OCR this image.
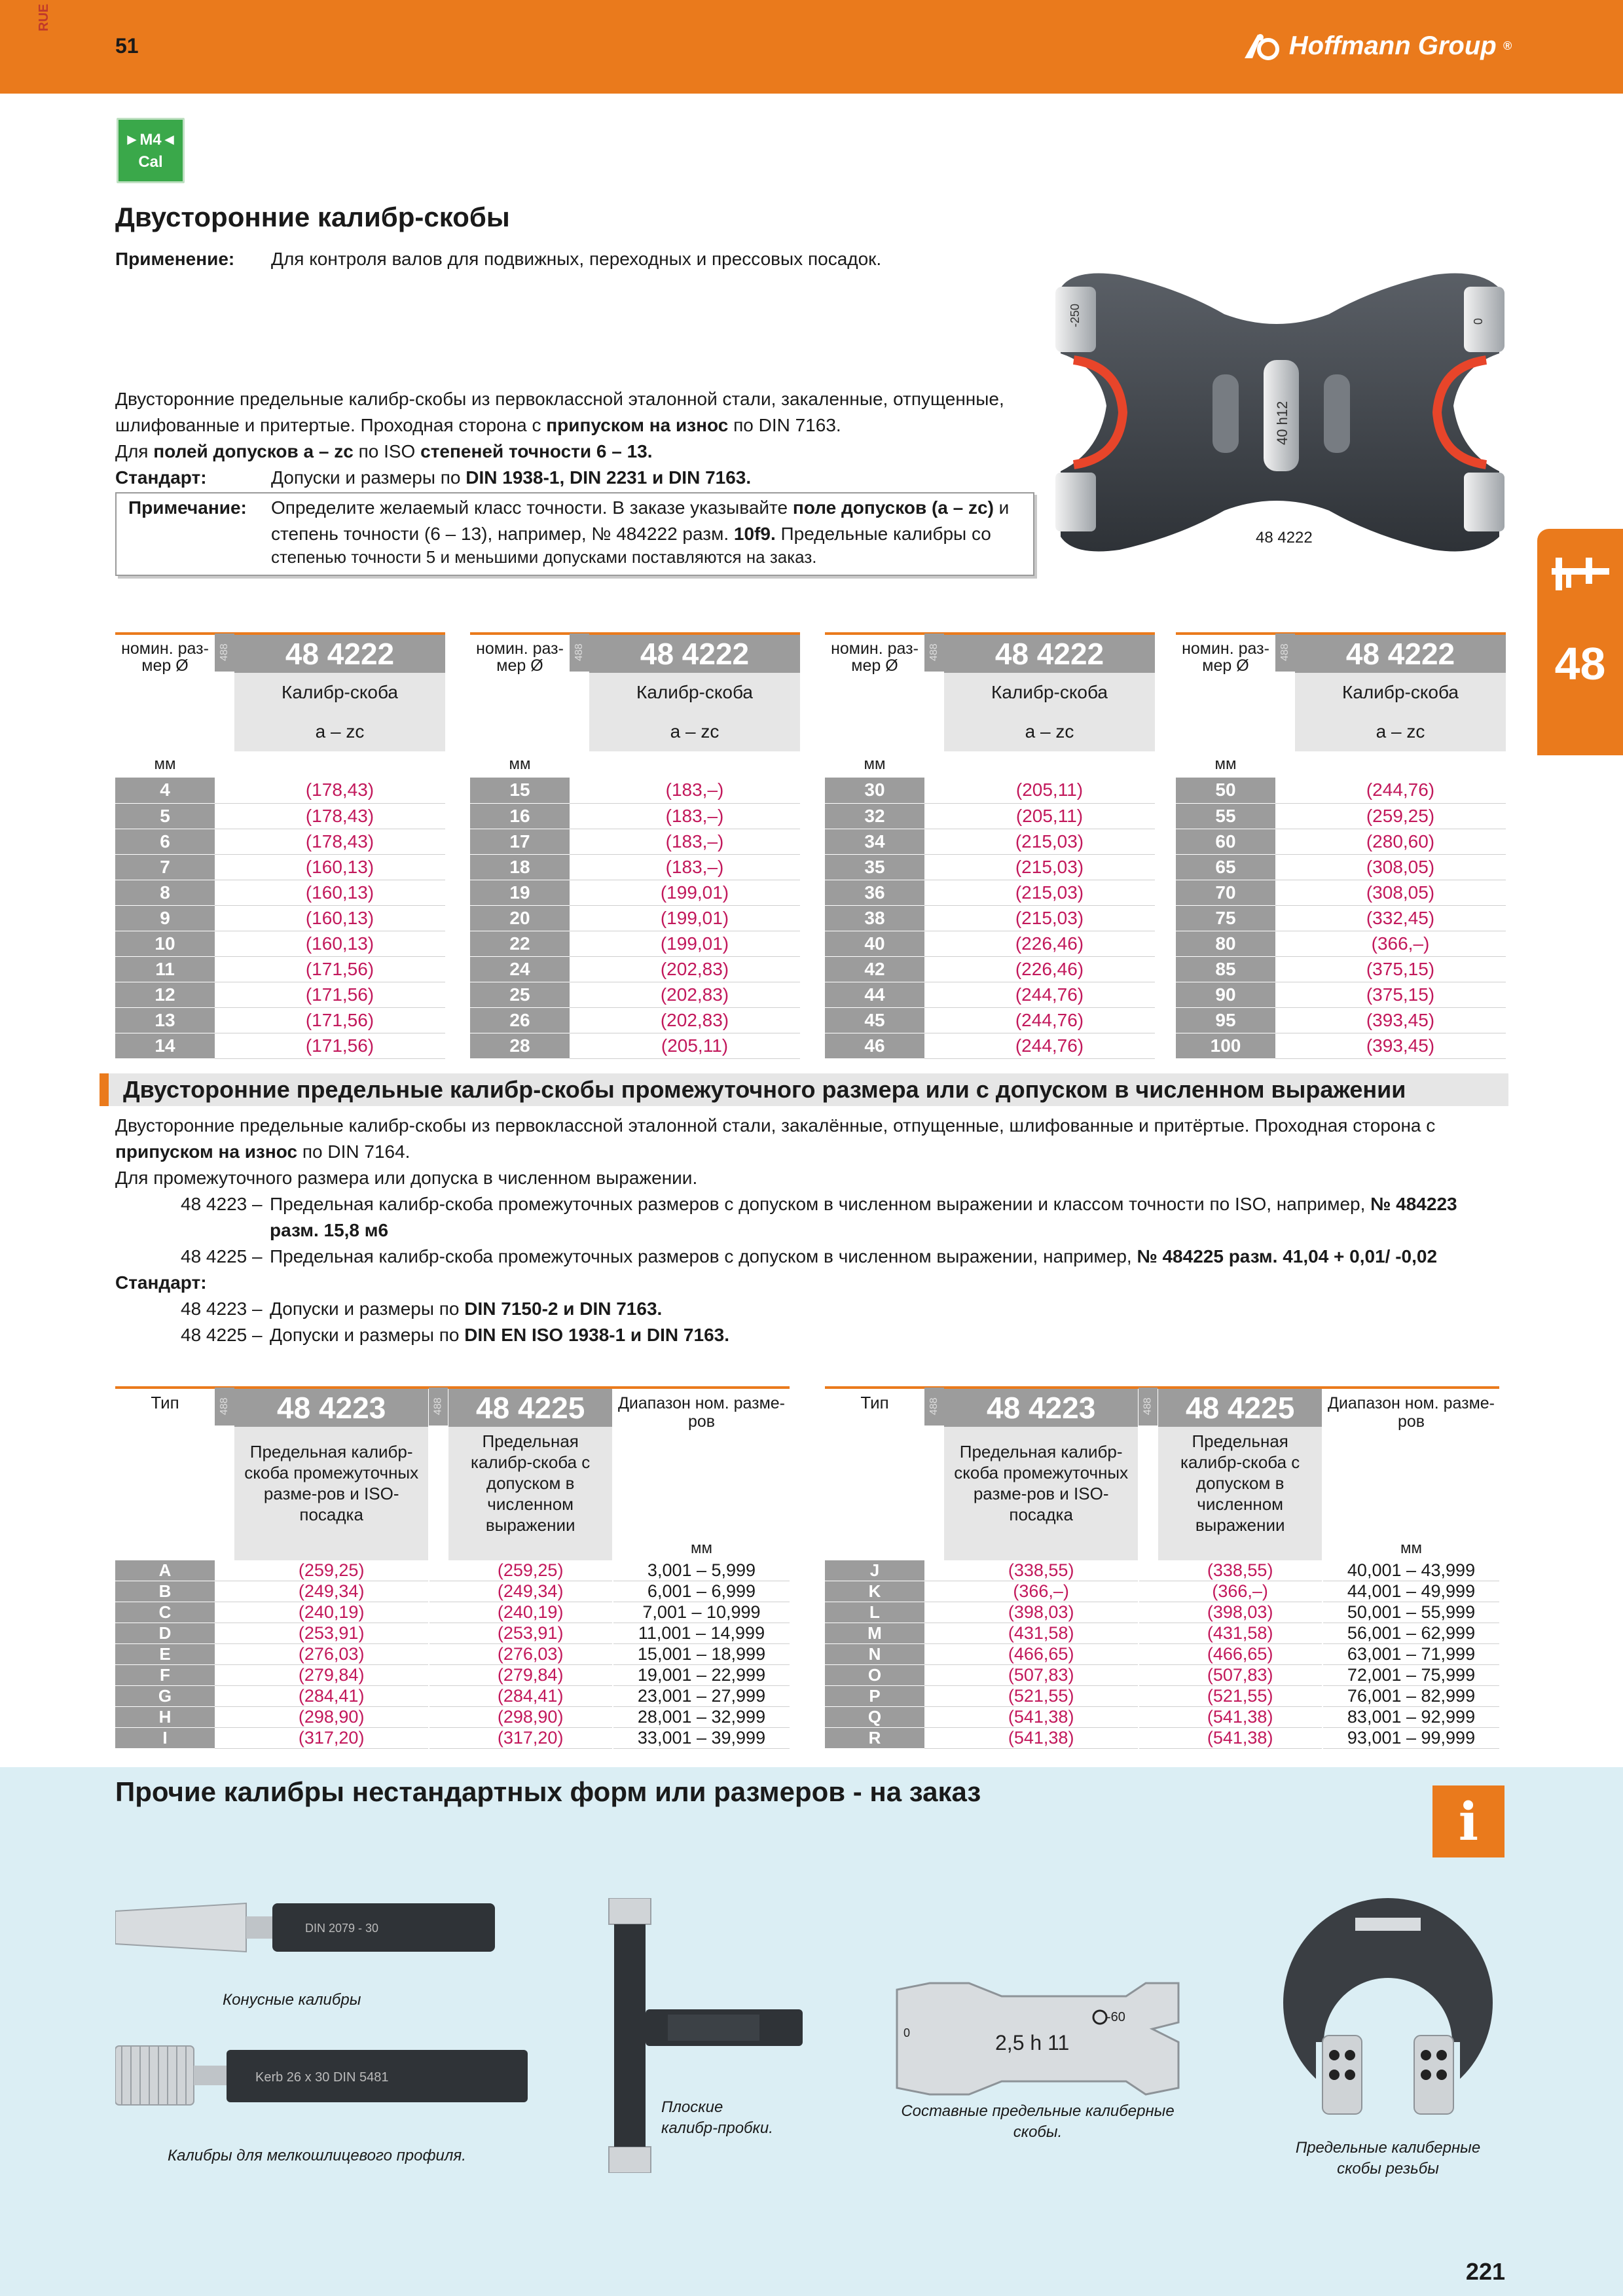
RUE
51	Hoffmann Group ®
►M4◄
Cal
Двусторонние калибр-скобы
Применение: Для контроля валов для подвижных, переходных и прессовых посадок.
Двусторонние предельные калибр-скобы из первоклассной эталонной стали, закаленные, отпущенные,
шлифованные и притертые. Проходная сторона с припуском на износ по DIN 7163.
Для полей допусков a – zc по ISO степеней точности 6 – 13.
Стандарт:	Допуски и размеры по DIN 1938-1, DIN 2231 и DIN 7163.
Примечание: Определите желаемый класс точности. В заказе указывайте поле допусков (a – zc) и
степень точности (6 – 13), например, № 484222 разм. 10f9. Предельные калибры со
степенью точности 5 и меньшими допусками поставляются на заказ.
-250
40 h12
0
48 4222
48
номин. раз-мер Ø	488	48 4222
		Калибр-скоба
		a – zc
мм		
4		(178,43)
5		(178,43)
6		(178,43)
7		(160,13)
8		(160,13)
9		(160,13)
10		(160,13)
11		(171,56)
12		(171,56)
13		(171,56)
14		(171,56)
номин. раз-мер Ø	488	48 4222
		Калибр-скоба
		a – zc
мм		
15		(183,–)
16		(183,–)
17		(183,–)
18		(183,–)
19		(199,01)
20		(199,01)
22		(199,01)
24		(202,83)
25		(202,83)
26		(202,83)
28		(205,11)
номин. раз-мер Ø	488	48 4222
		Калибр-скоба
		a – zc
мм		
30		(205,11)
32		(205,11)
34		(215,03)
35		(215,03)
36		(215,03)
38		(215,03)
40		(226,46)
42		(226,46)
44		(244,76)
45		(244,76)
46		(244,76)
номин. раз-мер Ø	488	48 4222
		Калибр-скоба
		a – zc
мм		
50		(244,76)
55		(259,25)
60		(280,60)
65		(308,05)
70		(308,05)
75		(332,45)
80		(366,–)
85		(375,15)
90		(375,15)
95		(393,45)
100		(393,45)
Двусторонние предельные калибр-скобы промежуточного размера или с допуском в численном выражении
Двусторонние предельные калибр-скобы из первоклассной эталонной стали, закалённые, отпущенные, шлифованные и притёртые. Проходная сторона с
припуском на износ по DIN 7164.
Для промежуточного размера или допуска в численном выражении.
48 4223 – Предельная калибр-скоба промежуточных размеров с допуском в численном выражении и классом точности по ISO, например, № 484223
разм. 15,8 м6
48 4225 – Предельная калибр-скоба промежуточных размеров с допуском в численном выражении, например, № 484225 разм. 41,04 + 0,01/ -0,02
Стандарт:
48 4223 – Допуски и размеры по DIN 7150-2 и DIN 7163.
48 4225 – Допуски и размеры по DIN EN ISO 1938-1 и DIN 7163.
Тип	488	48 4223	488	48 4225	Диапазон ном. разме-ров
		Предельная калибр-скоба промежуточных разме-ров и ISO-посадка		Предельная калибр-скоба с допуском в численном выражении	
					мм
A		(259,25)		(259,25)	3,001 – 5,999
B		(249,34)		(249,34)	6,001 – 6,999
C		(240,19)		(240,19)	7,001 – 10,999
D		(253,91)		(253,91)	11,001 – 14,999
E		(276,03)		(276,03)	15,001 – 18,999
F		(279,84)		(279,84)	19,001 – 22,999
G		(284,41)		(284,41)	23,001 – 27,999
H		(298,90)		(298,90)	28,001 – 32,999
I		(317,20)		(317,20)	33,001 – 39,999
Тип	488	48 4223	488	48 4225	Диапазон ном. разме-ров
		Предельная калибр-скоба промежуточных разме-ров и ISO-посадка		Предельная калибр-скоба с допуском в численном выражении	
					мм
J		(338,55)		(338,55)	40,001 – 43,999
K		(366,–)		(366,–)	44,001 – 49,999
L		(398,03)		(398,03)	50,001 – 55,999
M		(431,58)		(431,58)	56,001 – 62,999
N		(466,65)		(466,65)	63,001 – 71,999
O		(507,83)		(507,83)	72,001 – 75,999
P		(521,55)		(521,55)	76,001 – 82,999
Q		(541,38)		(541,38)	83,001 – 92,999
R		(541,38)		(541,38)	93,001 – 99,999
Прочие калибры нестандартных форм или размеров - на заказ	i
DIN 2079 - 30
Конусные калибры
Kerb 26 x 30 DIN 5481
Калибры для мелкошлицевого профиля.
Плоские
калибр-пробки.
2,5 h 11
0
-60
Составные предельные калиберные
скобы.
Предельные калиберные
скобы резьбы
221
